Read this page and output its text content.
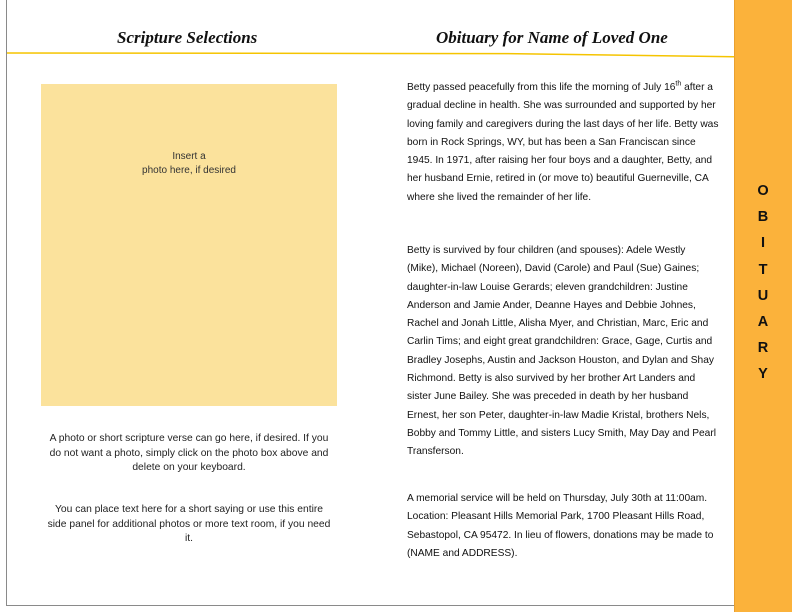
Scripture Selections	Obituary for Name of Loved One
Insert a
photo here, if desired
A photo or short scripture verse can go here, if desired. If you do not want a photo, simply click on the photo box above and delete on your keyboard.
You can place text here for a short saying or use this entire side panel for additional photos or more text room, if you need it.
Betty passed peacefully from this life the morning of July 16th after a gradual decline in health. She was surrounded and supported by her loving family and caregivers during the last days of her life. Betty was born in Rock Springs, WY, but has been a San Franciscan since 1945. In 1971, after raising her four boys and a daughter, Betty, and her husband Ernie, retired in (or move to) beautiful Guerneville, CA where she lived the remainder of her life.
Betty is survived by four children (and spouses): Adele Westly (Mike), Michael (Noreen), David (Carole) and Paul (Sue) Gaines; daughter-in-law Louise Gerards; eleven grandchildren: Justine Anderson and Jamie Ander, Deanne Hayes and Debbie Johnes, Rachel and Jonah Little, Alisha Myer, and Christian, Marc, Eric and Carlin Tims; and eight great grandchildren: Grace, Gage, Curtis and Bradley Josephs, Austin and Jackson Houston, and Dylan and Shay Richmond. Betty is also survived by her brother Art Landers and sister June Bailey. She was preceded in death by her husband Ernest, her son Peter, daughter-in-law Madie Kristal, brothers Nels, Bobby and Tommy Little, and sisters Lucy Smith, May Day and Pearl Transferson.
A memorial service will be held on Thursday, July 30th at 11:00am. Location: Pleasant Hills Memorial Park, 1700 Pleasant Hills Road, Sebastopol, CA 95472. In lieu of flowers, donations may be made to (NAME and ADDRESS).
O
B
I
T
U
A
R
Y
